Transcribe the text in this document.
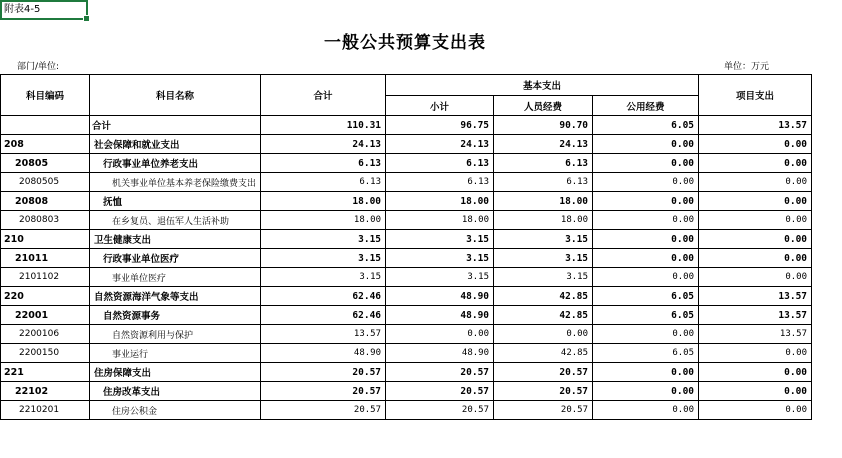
附表4-5
一般公共预算支出表
部门/单位:	单位：万元
科目编码	科目名称	合计	基本支出			项目支出
			小计	人员经费	公用经费	
	合计	110.31	96.75	90.70	6.05	13.57
208	社会保障和就业支出	24.13	24.13	24.13	0.00	0.00
20805	行政事业单位养老支出	6.13	6.13	6.13	0.00	0.00
2080505	机关事业单位基本养老保险缴费支出	6.13	6.13	6.13	0.00	0.00
20808	抚恤	18.00	18.00	18.00	0.00	0.00
2080803	在乡复员、退伍军人生活补助	18.00	18.00	18.00	0.00	0.00
210	卫生健康支出	3.15	3.15	3.15	0.00	0.00
21011	行政事业单位医疗	3.15	3.15	3.15	0.00	0.00
2101102	事业单位医疗	3.15	3.15	3.15	0.00	0.00
220	自然资源海洋气象等支出	62.46	48.90	42.85	6.05	13.57
22001	自然资源事务	62.46	48.90	42.85	6.05	13.57
2200106	自然资源利用与保护	13.57	0.00	0.00	0.00	13.57
2200150	事业运行	48.90	48.90	42.85	6.05	0.00
221	住房保障支出	20.57	20.57	20.57	0.00	0.00
22102	住房改革支出	20.57	20.57	20.57	0.00	0.00
2210201	住房公积金	20.57	20.57	20.57	0.00	0.00
